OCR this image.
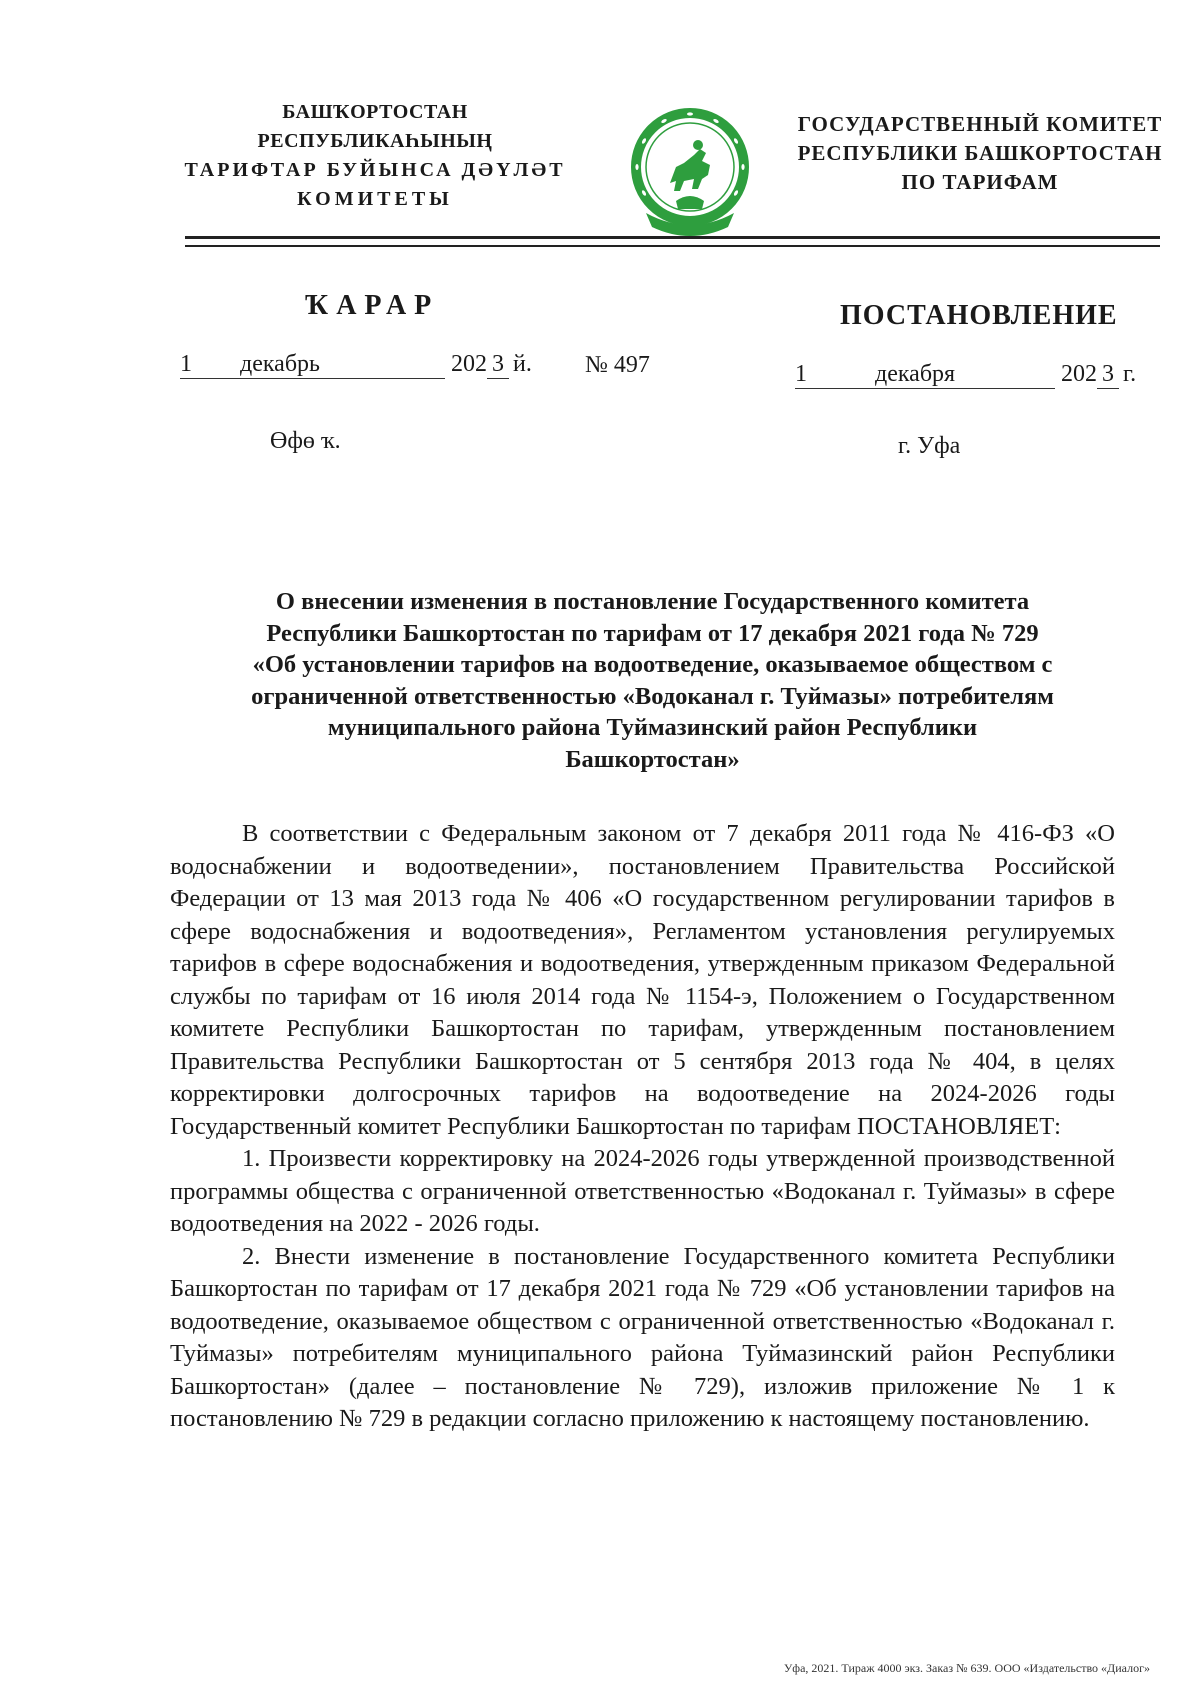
БАШҠОРТОСТАН РЕСПУБЛИКАҺЫНЫҢ
ТАРИФТАР БУЙЫНСА ДӘҮЛӘТ
КОМИТЕТЫ
ГОСУДАРСТВЕННЫЙ КОМИТЕТ
РЕСПУБЛИКИ БАШКОРТОСТАН
ПО ТАРИФАМ
ҠАРАР	ПОСТАНОВЛЕНИЕ
1 декабрь	202 3 й. № 497	1	декабря	202 3 г.
Өфө ҡ.	г. Уфа
О внесении изменения в постановление Государственного комитета
Республики Башкортостан по тарифам от 17 декабря 2021 года № 729
«Об установлении тарифов на водоотведение, оказываемое обществом с
ограниченной ответственностью «Водоканал г. Туймазы» потребителям
муниципального района Туймазинский район Республики
Башкортостан»

В соответствии с Федеральным законом от 7 декабря 2011 года № 416-ФЗ «О водоснабжении и водоотведении», постановлением Правительства Российской Федерации от 13 мая 2013 года № 406 «О государственном регулировании тарифов в сфере водоснабжения и водоотведения», Регламентом установления регулируемых тарифов в сфере водоснабжения и водоотведения, утвержденным приказом Федеральной службы по тарифам от 16 июля 2014 года № 1154-э, Положением о Государственном комитете Республики Башкортостан по тарифам, утвержденным постановлением Правительства Республики Башкортостан от 5 сентября 2013 года № 404, в целях корректировки долгосрочных тарифов на водоотведение на 2024-2026 годы Государственный комитет Республики Башкортостан по тарифам ПОСТАНОВЛЯЕТ:

1. Произвести корректировку на 2024-2026 годы утвержденной производственной программы общества с ограниченной ответственностью «Водоканал г. Туймазы» в сфере водоотведения на 2022 - 2026 годы.

2. Внести изменение в постановление Государственного комитета Республики Башкортостан по тарифам от 17 декабря 2021 года № 729 «Об установлении тарифов на водоотведение, оказываемое обществом с ограниченной ответственностью «Водоканал г. Туймазы» потребителям муниципального района Туймазинский район Республики Башкортостан» (далее – постановление № 729), изложив приложение № 1 к постановлению № 729 в редакции согласно приложению к настоящему постановлению.

Уфа, 2021. Тираж 4000 экз. Заказ № 639. ООО «Издательство «Диалог»
